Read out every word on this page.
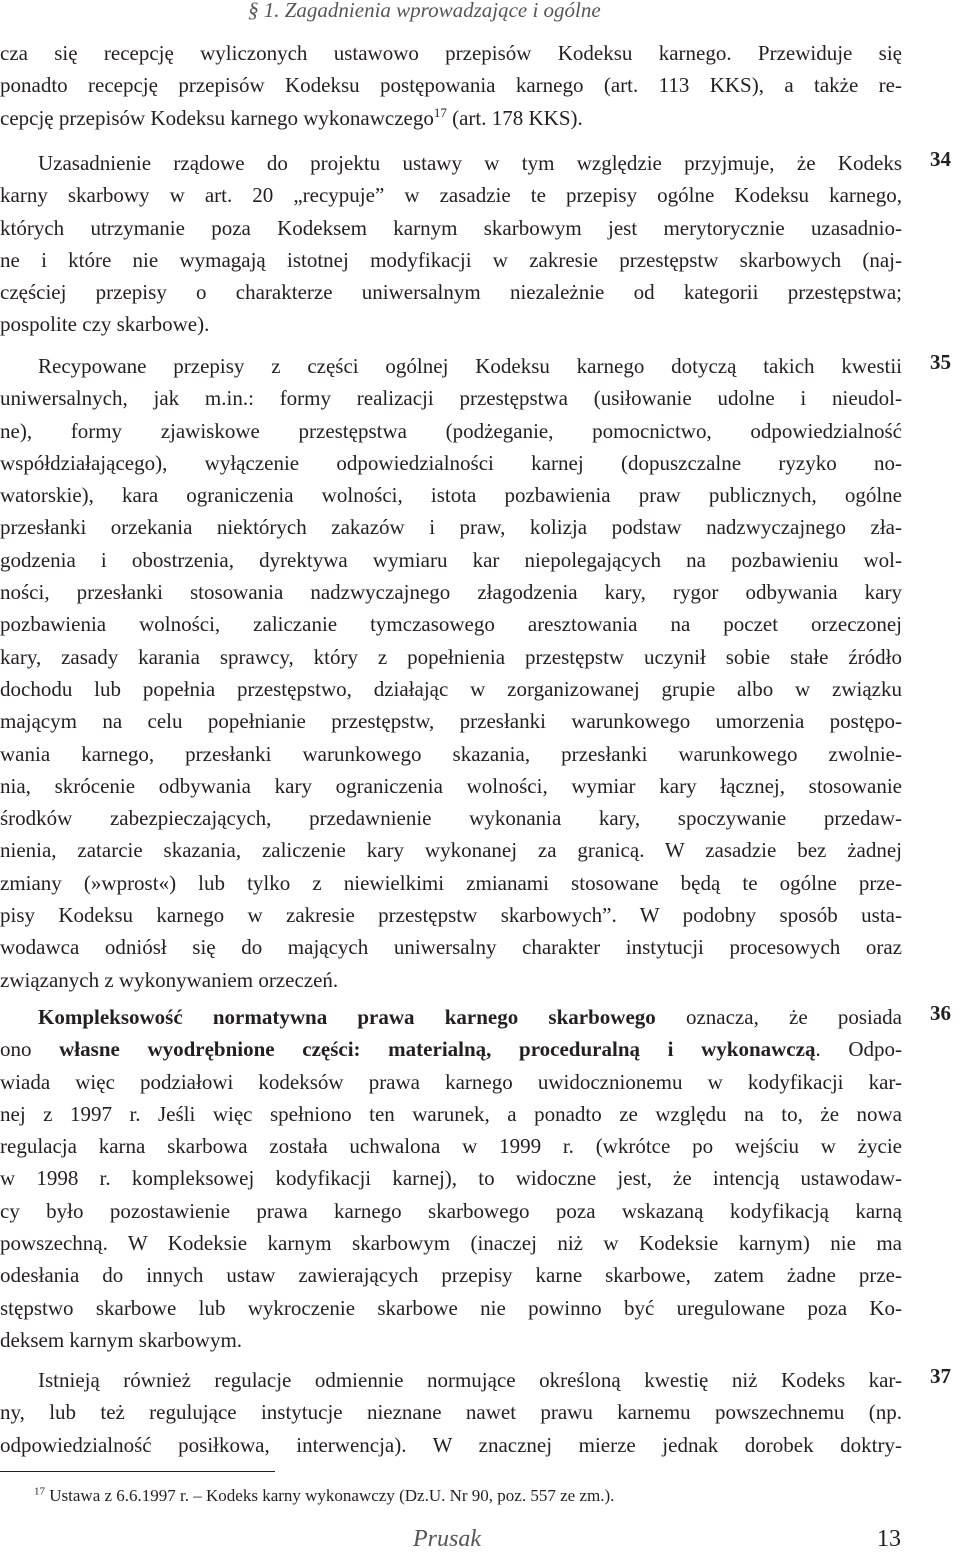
§ 1. Zagadnienia wprowadzające i ogólne
cza się recepcję wyliczonych ustawowo przepisów Kodeksu karnego. Przewiduje się
ponadto recepcję przepisów Kodeksu postępowania karnego (art. 113 KKS), a także re-
cepcję przepisów Kodeksu karnego wykonawczego$^{17}$ (art. 178 KKS).
34
Uzasadnienie rządowe do projektu ustawy w tym względzie przyjmuje, że Kodeks
karny skarbowy w art. 20 „recypuje” w zasadzie te przepisy ogólne Kodeksu karnego,
których utrzymanie poza Kodeksem karnym skarbowym jest merytorycznie uzasadnio-
ne i które nie wymagają istotnej modyfikacji w zakresie przestępstw skarbowych (naj-
częściej przepisy o charakterze uniwersalnym niezależnie od kategorii przestępstwa;
pospolite czy skarbowe).
35
Recypowane przepisy z części ogólnej Kodeksu karnego dotyczą takich kwestii
uniwersalnych, jak m.in.: formy realizacji przestępstwa (usiłowanie udolne i nieudol-
ne), formy zjawiskowe przestępstwa (podżeganie, pomocnictwo, odpowiedzialność
współdziałającego), wyłączenie odpowiedzialności karnej (dopuszczalne ryzyko no-
watorskie), kara ograniczenia wolności, istota pozbawienia praw publicznych, ogólne
przesłanki orzekania niektórych zakazów i praw, kolizja podstaw nadzwyczajnego zła-
godzenia i obostrzenia, dyrektywa wymiaru kar niepolegających na pozbawieniu wol-
ności, przesłanki stosowania nadzwyczajnego złagodzenia kary, rygor odbywania kary
pozbawienia wolności, zaliczanie tymczasowego aresztowania na poczet orzeczonej
kary, zasady karania sprawcy, który z popełnienia przestępstw uczynił sobie stałe źródło
dochodu lub popełnia przestępstwo, działając w zorganizowanej grupie albo w związku
mającym na celu popełnianie przestępstw, przesłanki warunkowego umorzenia postępo-
wania karnego, przesłanki warunkowego skazania, przesłanki warunkowego zwolnie-
nia, skrócenie odbywania kary ograniczenia wolności, wymiar kary łącznej, stosowanie
środków zabezpieczających, przedawnienie wykonania kary, spoczywanie przedaw-
nienia, zatarcie skazania, zaliczenie kary wykonanej za granicą. W zasadzie bez żadnej
zmiany (»wprost«) lub tylko z niewielkimi zmianami stosowane będą te ogólne prze-
pisy Kodeksu karnego w zakresie przestępstw skarbowych”. W podobny sposób usta-
wodawca odniósł się do mających uniwersalny charakter instytucji procesowych oraz
związanych z wykonywaniem orzeczeń.
36
Kompleksowość normatywna prawa karnego skarbowego oznacza, że posiada
ono własne wyodrębnione części: materialną, proceduralną i wykonawczą. Odpo-
wiada więc podziałowi kodeksów prawa karnego uwidocznionemu w kodyfikacji kar-
nej z 1997 r. Jeśli więc spełniono ten warunek, a ponadto ze względu na to, że nowa
regulacja karna skarbowa została uchwalona w 1999 r. (wkrótce po wejściu w życie
w 1998 r. kompleksowej kodyfikacji karnej), to widoczne jest, że intencją ustawodaw-
cy było pozostawienie prawa karnego skarbowego poza wskazaną kodyfikacją karną
powszechną. W Kodeksie karnym skarbowym (inaczej niż w Kodeksie karnym) nie ma
odesłania do innych ustaw zawierających przepisy karne skarbowe, zatem żadne prze-
stępstwo skarbowe lub wykroczenie skarbowe nie powinno być uregulowane poza Ko-
deksem karnym skarbowym.
37
Istnieją również regulacje odmiennie normujące określoną kwestię niż Kodeks kar-
ny, lub też regulujące instytucje nieznane nawet prawu karnemu powszechnemu (np.
odpowiedzialność posiłkowa, interwencja). W znacznej mierze jednak dorobek doktry-
$^{17}$ Ustawa z 6.6.1997 r. – Kodeks karny wykonawczy (Dz.U. Nr 90, poz. 557 ze zm.).
Prusak	13
